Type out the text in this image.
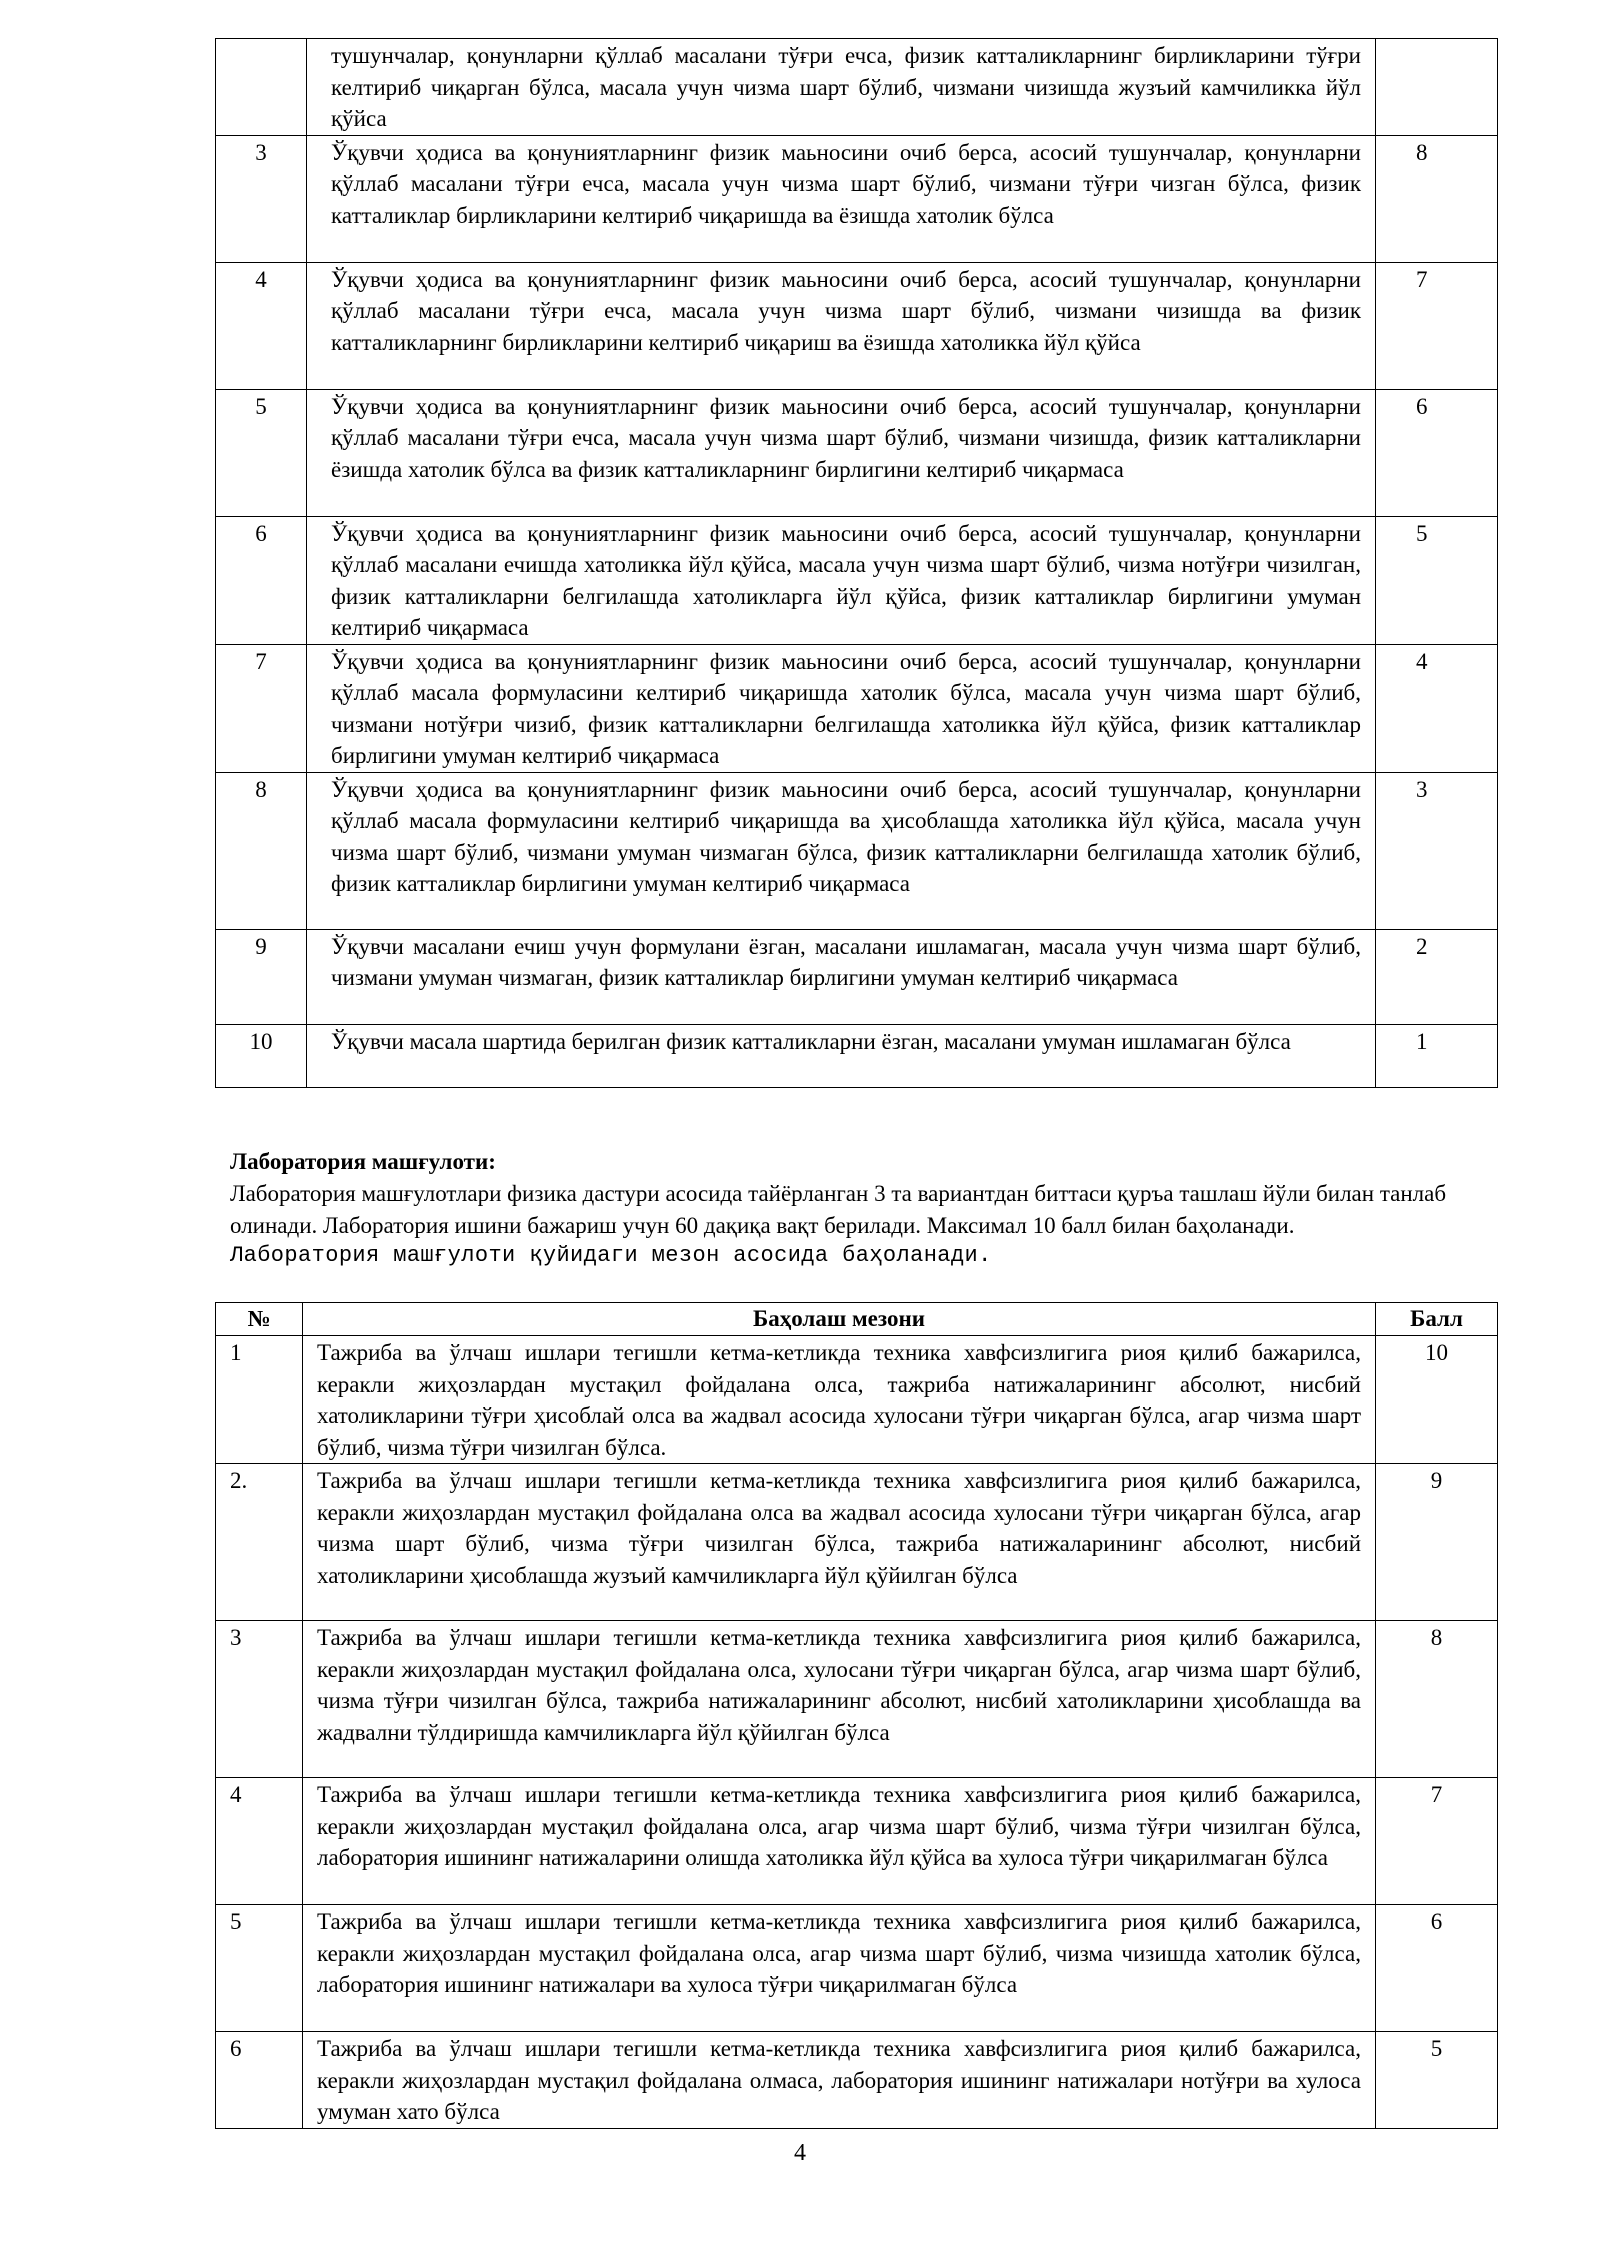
	тушунчалар, қонунларни қўллаб масалани тўғри ечса, физик катталикларнинг бирликларини тўғри келтириб чиқарган бўлса, масала учун чизма шарт бўлиб, чизмани чизишда жузъий камчиликка йўл қўйса	
3	Ўқувчи ҳодиса ва қонуниятларнинг физик маьносини очиб берса, асосий тушунчалар, қонунларни қўллаб масалани тўғри ечса, масала учун чизма шарт бўлиб, чизмани тўғри чизган бўлса, физик катталиклар бирликларини келтириб чиқаришда ва ёзишда хатолик бўлса	8
4	Ўқувчи ҳодиса ва қонуниятларнинг физик маьносини очиб берса, асосий тушунчалар, қонунларни қўллаб масалани тўғри ечса, масала учун чизма шарт бўлиб, чизмани чизишда ва физик катталикларнинг бирликларини келтириб чиқариш ва ёзишда хатоликка йўл қўйса	7
5	Ўқувчи ҳодиса ва қонуниятларнинг физик маьносини очиб берса, асосий тушунчалар, қонунларни қўллаб масалани тўғри ечса, масала учун чизма шарт бўлиб, чизмани чизишда, физик катталикларни ёзишда хатолик бўлса ва физик катталикларнинг бирлигини келтириб чиқармаса	6
6	Ўқувчи ҳодиса ва қонуниятларнинг физик маьносини очиб берса, асосий тушунчалар, қонунларни қўллаб масалани ечишда хатоликка йўл қўйса, масала учун чизма шарт бўлиб, чизма нотўғри чизилган, физик катталикларни белгилашда хатоликларга йўл қўйса, физик катталиклар бирлигини умуман келтириб чиқармаса	5
7	Ўқувчи ҳодиса ва қонуниятларнинг физик маьносини очиб берса, асосий тушунчалар, қонунларни қўллаб масала формуласини келтириб чиқаришда хатолик бўлса, масала учун чизма шарт бўлиб, чизмани нотўғри чизиб, физик катталикларни белгилашда хатоликка йўл қўйса, физик катталиклар бирлигини умуман келтириб чиқармаса	4
8	Ўқувчи ҳодиса ва қонуниятларнинг физик маьносини очиб берса, асосий тушунчалар, қонунларни қўллаб масала формуласини келтириб чиқаришда ва ҳисоблашда хатоликка йўл қўйса, масала учун чизма шарт бўлиб, чизмани умуман чизмаган бўлса, физик катталикларни белгилашда хатолик бўлиб, физик катталиклар бирлигини умуман келтириб чиқармаса	3
9	Ўқувчи масалани ечиш учун формулани ёзган, масалани ишламаган, масала учун чизма шарт бўлиб, чизмани умуман чизмаган, физик катталиклар бирлигини умуман келтириб чиқармаса	2
10	Ўқувчи масала шартида берилган физик катталикларни ёзган, масалани умуман ишламаган бўлса	1
Лаборатория машғулоти:
Лаборатория машғулотлари физика дастури асосида тайёрланган 3 та вариантдан биттаси қуръа ташлаш йўли билан танлаб олинади. Лаборатория ишини бажариш учун 60 дақиқа вақт берилади. Максимал 10 балл билан баҳоланади.
Лаборатория машғулоти қуйидаги мезон асосида баҳоланади.
№	Баҳолаш мезони	Балл
1	Тажриба ва ўлчаш ишлари тегишли кетма-кетликда техника хавфсизлигига риоя қилиб бажарилса, керакли жиҳозлардан мустақил фойдалана олса, тажриба натижаларининг абсолют, нисбий хатоликларини тўғри ҳисоблай олса ва жадвал асосида хулосани тўғри чиқарган бўлса, агар чизма шарт бўлиб, чизма тўғри чизилган бўлса.	10
2.	Тажриба ва ўлчаш ишлари тегишли кетма-кетликда техника хавфсизлигига риоя қилиб бажарилса, керакли жиҳозлардан мустақил фойдалана олса ва жадвал асосида хулосани тўғри чиқарган бўлса, агар чизма шарт бўлиб, чизма тўғри чизилган бўлса, тажриба натижаларининг абсолют, нисбий хатоликларини ҳисоблашда жузъий камчиликларга йўл қўйилган бўлса	9
3	Тажриба ва ўлчаш ишлари тегишли кетма-кетликда техника хавфсизлигига риоя қилиб бажарилса, керакли жиҳозлардан мустақил фойдалана олса, хулосани тўғри чиқарган бўлса, агар чизма шарт бўлиб, чизма тўғри чизилган бўлса, тажриба натижаларининг абсолют, нисбий хатоликларини ҳисоблашда ва жадвални тўлдиришда камчиликларга йўл қўйилган бўлса	8
4	Тажриба ва ўлчаш ишлари тегишли кетма-кетликда техника хавфсизлигига риоя қилиб бажарилса, керакли жиҳозлардан мустақил фойдалана олса, агар чизма шарт бўлиб, чизма тўғри чизилган бўлса, лаборатория ишининг натижаларини олишда хатоликка йўл қўйса ва хулоса тўғри чиқарилмаган бўлса	7
5	Тажриба ва ўлчаш ишлари тегишли кетма-кетликда техника хавфсизлигига риоя қилиб бажарилса, керакли жиҳозлардан мустақил фойдалана олса, агар чизма шарт бўлиб, чизма чизишда хатолик бўлса, лаборатория ишининг натижалари ва хулоса тўғри чиқарилмаган бўлса	6
6	Тажриба ва ўлчаш ишлари тегишли кетма-кетликда техника хавфсизлигига риоя қилиб бажарилса, керакли жиҳозлардан мустақил фойдалана олмаса, лаборатория ишининг натижалари нотўғри ва хулоса умуман хато бўлса	5
4
